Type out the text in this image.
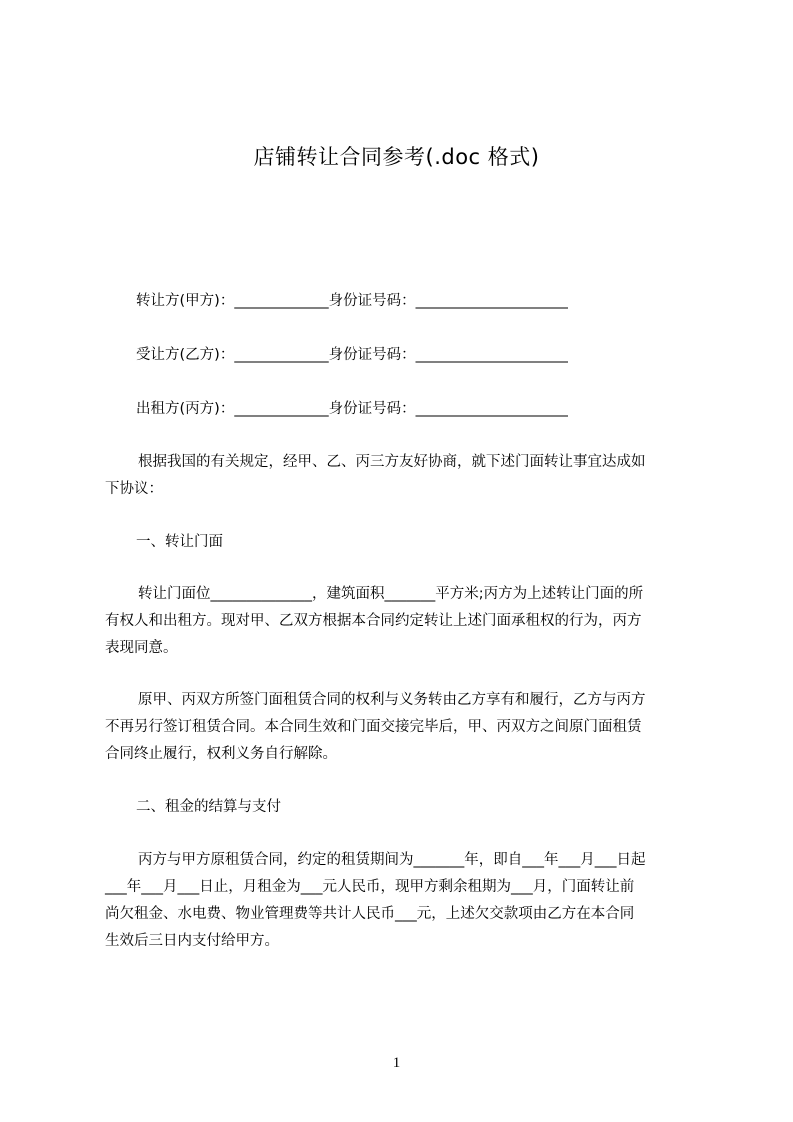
店铺转让合同参考(.doc 格式)
转让方(甲方)：_____________身份证号码：_____________________
受让方(乙方)：_____________身份证号码：_____________________
出租方(丙方)：_____________身份证号码：_____________________
根据我国的有关规定，经甲、乙、丙三方友好协商，就下述门面转让事宜达成如
下协议：
一、转让门面
转让门面位______________，建筑面积_______平方米;丙方为上述转让门面的所
有权人和出租方。现对甲、乙双方根据本合同约定转让上述门面承租权的行为，丙方
表现同意。
原甲、丙双方所签门面租赁合同的权利与义务转由乙方享有和履行，乙方与丙方
不再另行签订租赁合同。本合同生效和门面交接完毕后，甲、丙双方之间原门面租赁
合同终止履行，权利义务自行解除。
二、租金的结算与支付
丙方与甲方原租赁合同，约定的租赁期间为_______年，即自___年___月___日起
___年___月___日止，月租金为___元人民币，现甲方剩余租期为___月，门面转让前
尚欠租金、水电费、物业管理费等共计人民币___元，上述欠交款项由乙方在本合同
生效后三日内支付给甲方。
1
